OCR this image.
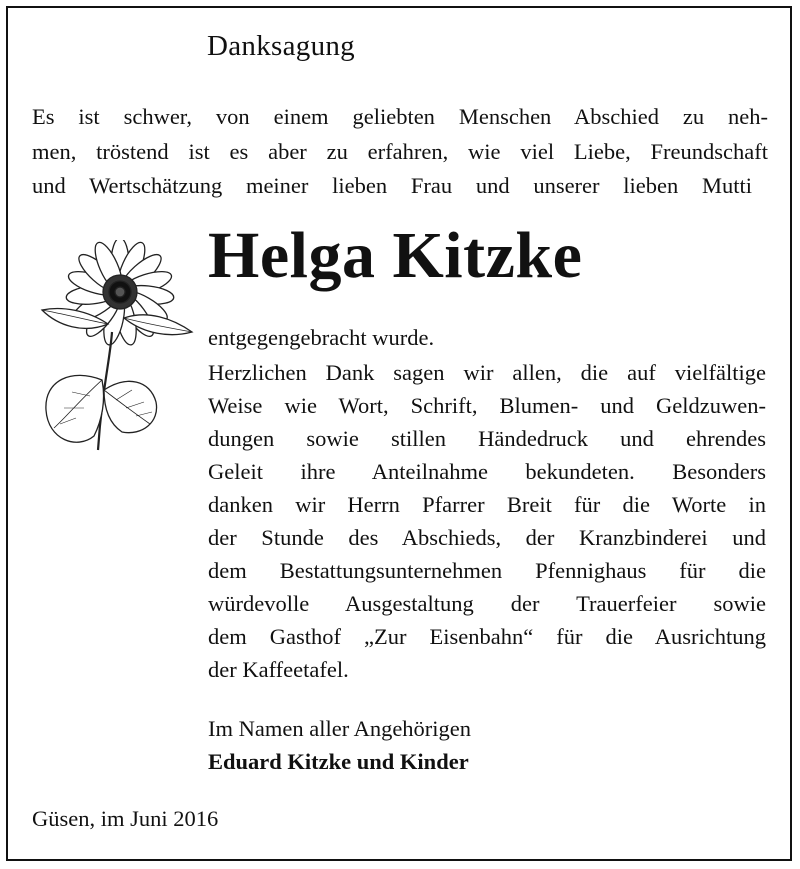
Danksagung
Es ist schwer, von einem geliebten Menschen Abschied zu neh-
men, tröstend ist es aber zu erfahren, wie viel Liebe, Freundschaft
und Wertschätzung meiner lieben Frau und unserer lieben Mutti
Helga Kitzke
entgegengebracht wurde.
Herzlichen Dank sagen wir allen, die auf vielfältige
Weise wie Wort, Schrift, Blumen- und Geldzuwen-
dungen sowie stillen Händedruck und ehrendes
Geleit ihre Anteilnahme bekundeten. Besonders
danken wir Herrn Pfarrer Breit für die Worte in
der Stunde des Abschieds, der Kranzbinderei und
dem Bestattungsunternehmen Pfennighaus für die
würdevolle Ausgestaltung der Trauerfeier sowie
dem Gasthof „Zur Eisenbahn“ für die Ausrichtung
der Kaffeetafel.
Im Namen aller Angehörigen
Eduard Kitzke und Kinder
Güsen, im Juni 2016
